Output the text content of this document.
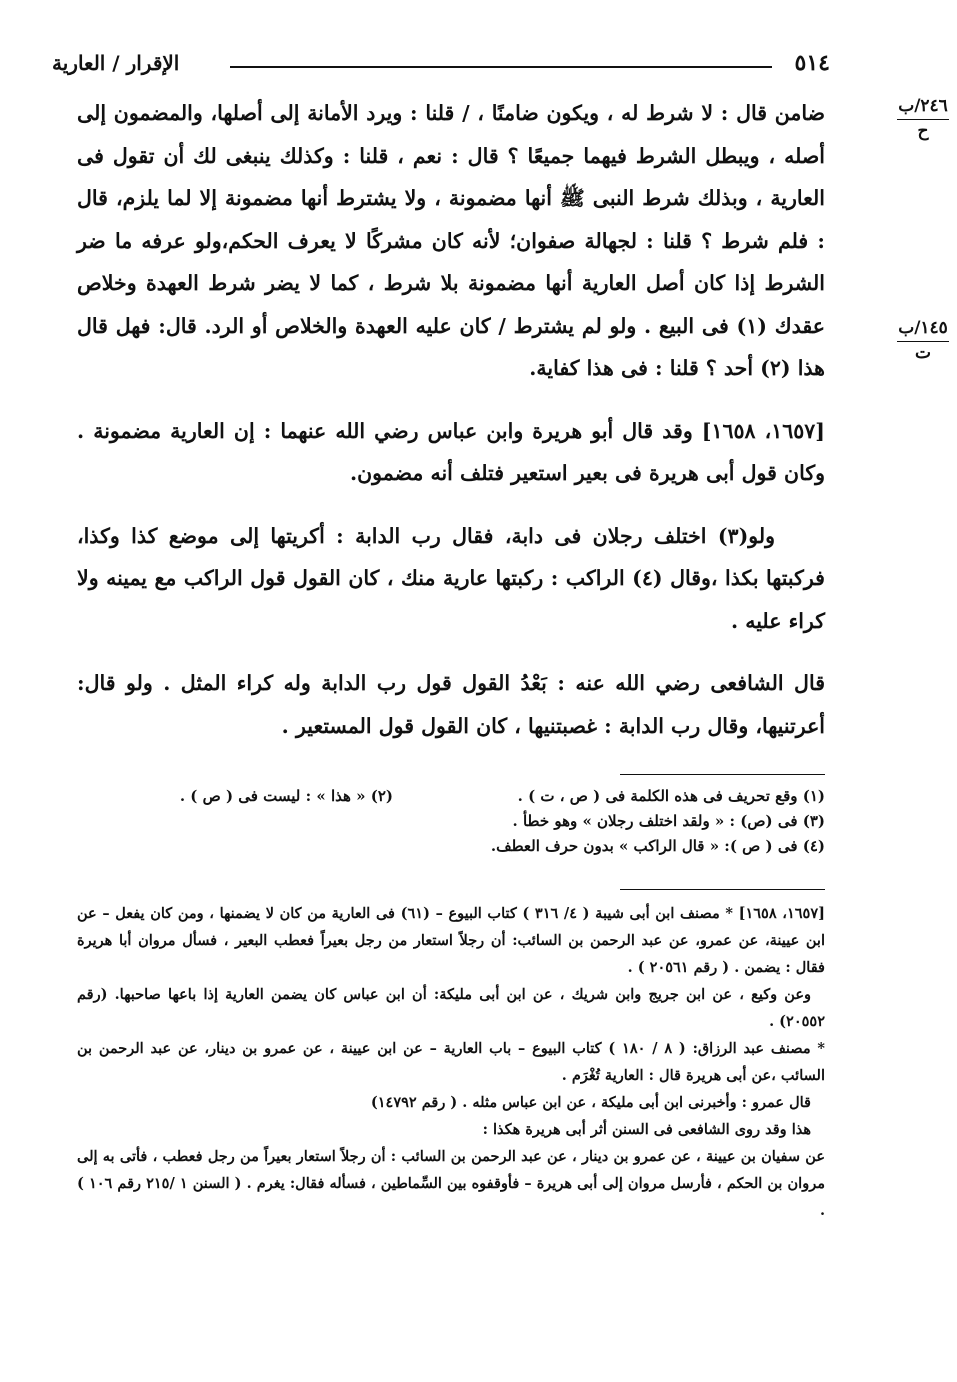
٥١٤
الإقرار / العارية
٢٤٦/ب
ح
١٤٥/ب
ت

ضامن قال : لا شرط له ، ويكون ضامنًا ، / قلنا : ويرد الأمانة إلى أصلها، والمضمون إلى أصله ، ويبطل الشرط فيهما جميعًا ؟ قال : نعم ، قلنا : وكذلك ينبغى لك أن تقول فى العارية ، وبذلك شرط النبى ﷺ أنها مضمونة ، ولا يشترط أنها مضمونة إلا لما يلزم، قال : فلم شرط ؟ قلنا : لجهالة صفوان؛ لأنه كان مشركًا لا يعرف الحكم،ولو عرفه ما ضر الشرط إذا كان أصل العارية أنها مضمونة بلا شرط ، كما لا يضر شرط العهدة وخلاص عقدك (١) فى البيع . ولو لم يشترط / كان عليه العهدة والخلاص أو الرد. قال: فهل قال هذا (٢) أحد ؟ قلنا : فى هذا كفاية.

[١٦٥٧، ١٦٥٨] وقد قال أبو هريرة وابن عباس رضي الله عنهما : إن العارية مضمونة . وكان قول أبى هريرة فى بعير استعير فتلف أنه مضمون.

ولو(٣) اختلف رجلان فى دابة، فقال رب الدابة : أكريتها إلى موضع كذا وكذا، فركبتها بكذا ،وقال (٤) الراكب : ركبتها عارية منك ، كان القول قول الراكب مع يمينه ولا كراء عليه .

قال الشافعى رضي الله عنه : بَعْدُ القول قول رب الدابة وله كراء المثل . ولو قال: أعرتنيها، وقال رب الدابة : غصبتنيها ، كان القول قول المستعير .

(١) وقع تحريف فى هذه الكلمة فى ( ص ، ت ) .
(٢) « هذا » : ليست فى ( ص ) .
(٣) فى (ص) : « ولقد اختلف رجلان » وهو خطأ .
(٤) فى ( ص ): « قال الراكب » بدون حرف العطف.

[١٦٥٧، ١٦٥٨] * مصنف ابن أبى شيبة ( ٤/ ٣١٦ ) كتاب البيوع – (٦١) فى العارية من كان لا يضمنها ، ومن كان يفعل – عن ابن عيينة، عن عمرو، عن عبد الرحمن بن السائب: أن رجلاً استعار من رجل بعيراً فعطب البعير ، فسأل مروان أبا هريرة فقال : يضمن . ( رقم ٢٠٥٦١ ) .

وعن وكيع ، عن ابن جريج وابن شريك ، عن ابن أبى مليكة: أن ابن عباس كان يضمن العارية إذا باعها صاحبها. (رقم ٢٠٥٥٢) .

* مصنف عبد الرزاق: ( ٨ / ١٨٠ ) كتاب البيوع – باب العارية – عن ابن عيينة ، عن عمرو بن دينار، عن عبد الرحمن بن السائب ،عن أبى هريرة قال : العارية تُغْرَم .

قال عمرو : وأخبرنى ابن أبى مليكة ، عن ابن عباس مثله . ( رقم ١٤٧٩٢)

هذا وقد روى الشافعى فى السنن أثر أبى هريرة هكذا :

عن سفيان بن عيينة ، عن عمرو بن دينار ، عن عبد الرحمن بن السائب : أن رجلاً استعار بعيراً من رجل فعطب ، فأتى به إلى مروان بن الحكم ، فأرسل مروان إلى أبى هريرة – فأوقفوه بين السِّماطين ، فسأله فقال: يغرم . ( السنن ١ /٢١٥ رقم ١٠٦ ) .
